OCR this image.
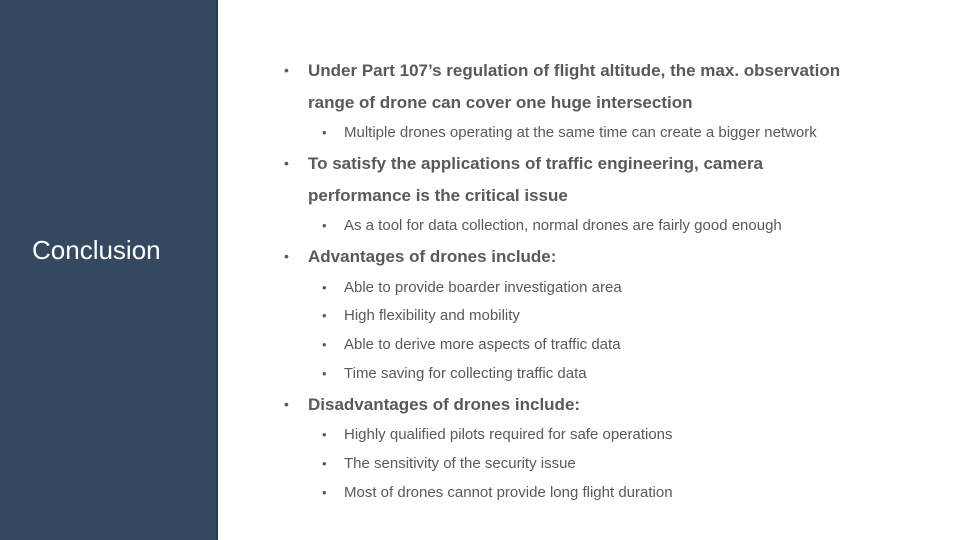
Conclusion
• Under Part 107’s regulation of flight altitude, the max. observation
range of drone can cover one huge intersection
• Multiple drones operating at the same time can create a bigger network
• To satisfy the applications of traffic engineering, camera
performance is the critical issue
• As a tool for data collection, normal drones are fairly good enough
• Advantages of drones include:
• Able to provide boarder investigation area
• High flexibility and mobility
• Able to derive more aspects of traffic data
• Time saving for collecting traffic data
• Disadvantages of drones include:
• Highly qualified pilots required for safe operations
• The sensitivity of the security issue
• Most of drones cannot provide long flight duration
